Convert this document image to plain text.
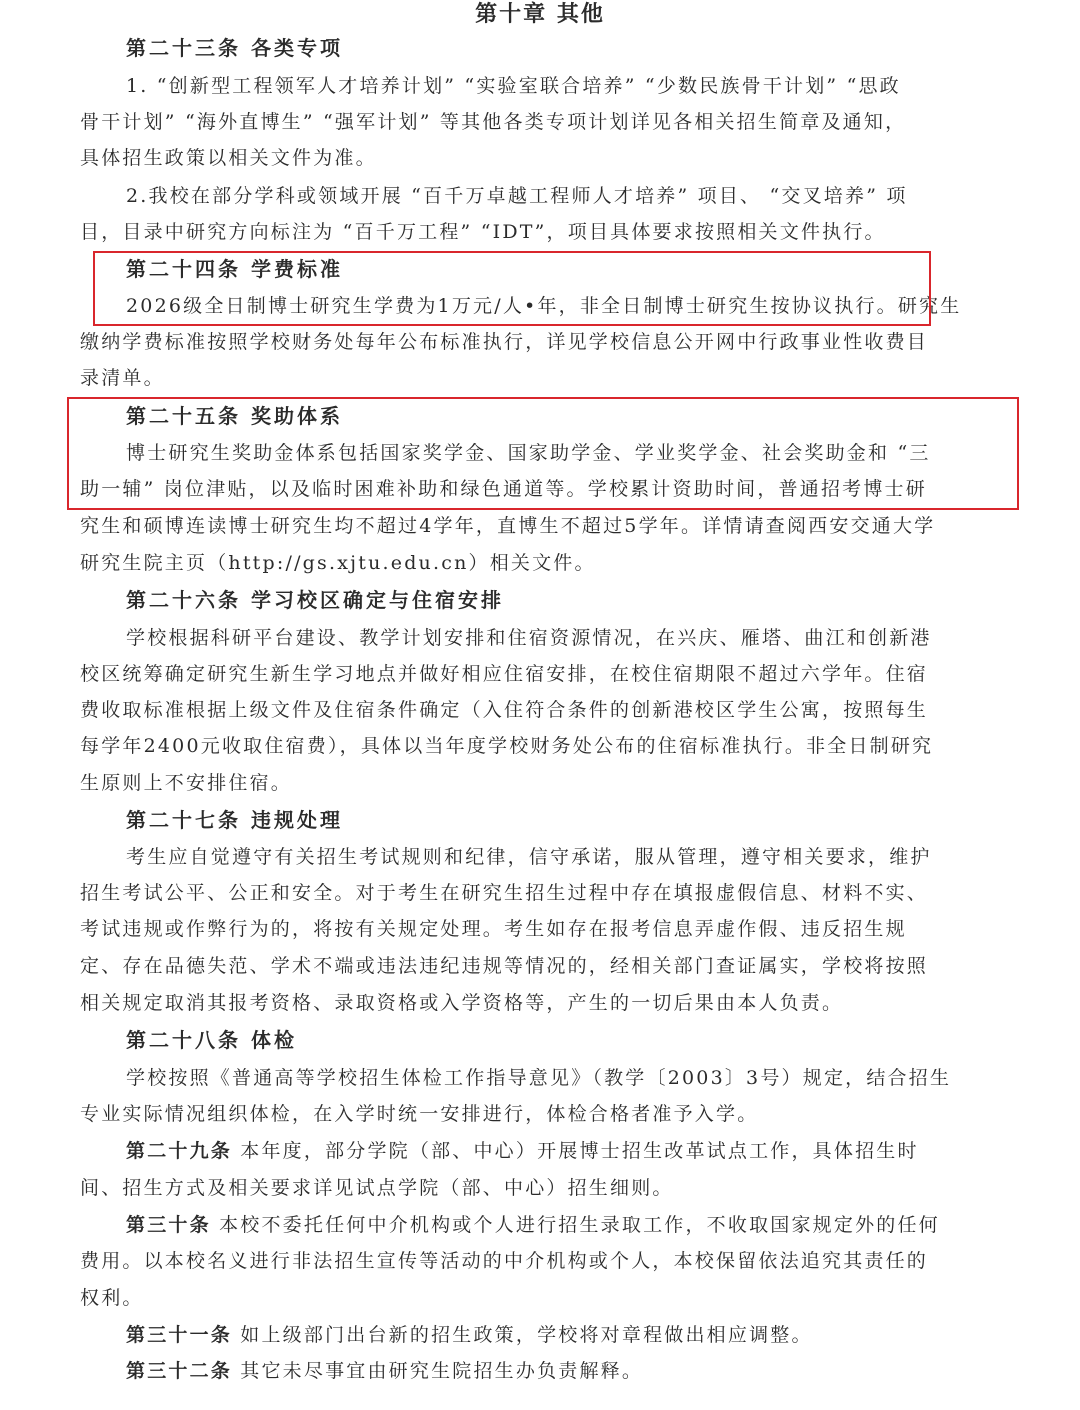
第十章 其他
第二十三条 各类专项
1. “创新型工程领军人才培养计划” “实验室联合培养” “少数民族骨干计划” “思政
骨干计划” “海外直博生” “强军计划” 等其他各类专项计划详见各相关招生简章及通知，
具体招生政策以相关文件为准。
2.我校在部分学科或领域开展 “百千万卓越工程师人才培养” 项目、 “交叉培养” 项
目，目录中研究方向标注为 “百千万工程” “IDT”，项目具体要求按照相关文件执行。
第二十四条 学费标准
2026级全日制博士研究生学费为1万元/人•年，非全日制博士研究生按协议执行。研究生
缴纳学费标准按照学校财务处每年公布标准执行，详见学校信息公开网中行政事业性收费目
录清单。
第二十五条 奖助体系
博士研究生奖助金体系包括国家奖学金、国家助学金、学业奖学金、社会奖助金和 “三
助一辅” 岗位津贴，以及临时困难补助和绿色通道等。学校累计资助时间，普通招考博士研
究生和硕博连读博士研究生均不超过4学年，直博生不超过5学年。详情请查阅西安交通大学
研究生院主页（http://gs.xjtu.edu.cn）相关文件。
第二十六条 学习校区确定与住宿安排
学校根据科研平台建设、教学计划安排和住宿资源情况，在兴庆、雁塔、曲江和创新港
校区统筹确定研究生新生学习地点并做好相应住宿安排，在校住宿期限不超过六学年。住宿
费收取标准根据上级文件及住宿条件确定（入住符合条件的创新港校区学生公寓，按照每生
每学年2400元收取住宿费），具体以当年度学校财务处公布的住宿标准执行。非全日制研究
生原则上不安排住宿。
第二十七条 违规处理
考生应自觉遵守有关招生考试规则和纪律，信守承诺，服从管理，遵守相关要求，维护
招生考试公平、公正和安全。对于考生在研究生招生过程中存在填报虚假信息、材料不实、
考试违规或作弊行为的，将按有关规定处理。考生如存在报考信息弄虚作假、违反招生规
定、存在品德失范、学术不端或违法违纪违规等情况的，经相关部门查证属实，学校将按照
相关规定取消其报考资格、录取资格或入学资格等，产生的一切后果由本人负责。
第二十八条 体检
学校按照《普通高等学校招生体检工作指导意见》（教学〔2003〕3号）规定，结合招生
专业实际情况组织体检，在入学时统一安排进行，体检合格者准予入学。
第二十九条 本年度，部分学院（部、中心）开展博士招生改革试点工作，具体招生时
间、招生方式及相关要求详见试点学院（部、中心）招生细则。
第三十条 本校不委托任何中介机构或个人进行招生录取工作，不收取国家规定外的任何
费用。以本校名义进行非法招生宣传等活动的中介机构或个人，本校保留依法追究其责任的
权利。
第三十一条 如上级部门出台新的招生政策，学校将对章程做出相应调整。
第三十二条 其它未尽事宜由研究生院招生办负责解释。
